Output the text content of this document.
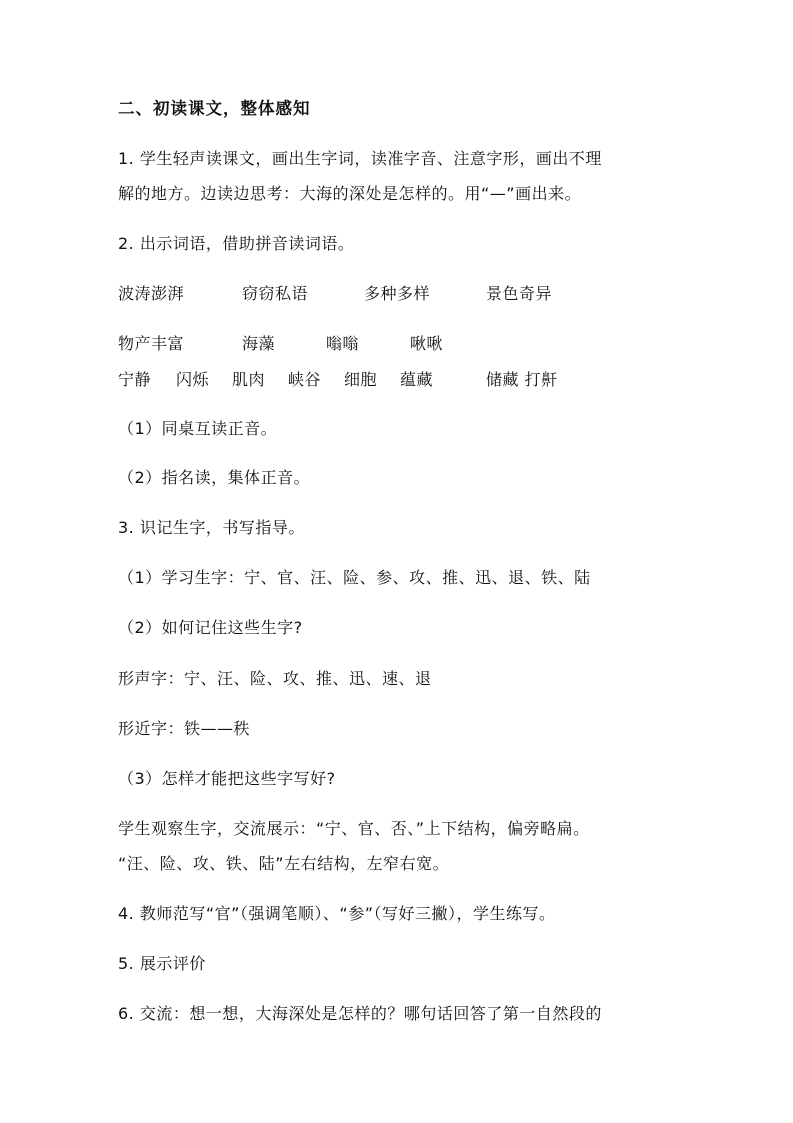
二、初读课文，整体感知
1. 学生轻声读课文，画出生字词，读准字音、注意字形，画出不理
解的地方。边读边思考：大海的深处是怎样的。用“—”画出来。
2. 出示词语，借助拼音读词语。
波涛澎湃	窃窃私语	多种多样	景色奇异
物产丰富	海藻	嗡嗡	啾啾
宁静 闪烁 肌肉 峡谷 细胞 蕴藏	储藏 打鼾
（1）同桌互读正音。
（2）指名读，集体正音。
3. 识记生字，书写指导。
（1）学习生字：宁、官、汪、险、参、攻、推、迅、退、铁、陆
（2）如何记住这些生字?
形声字：宁、汪、险、攻、推、迅、速、退
形近字：铁——秩
（3）怎样才能把这些字写好?
学生观察生字，交流展示：“宁、官、否、”上下结构，偏旁略扁。
“汪、险、攻、铁、陆”左右结构，左窄右宽。
4. 教师范写“官”（强调笔顺）、“参”（写好三撇），学生练写。
5. 展示评价
6. 交流：想一想，大海深处是怎样的？哪句话回答了第一自然段的
